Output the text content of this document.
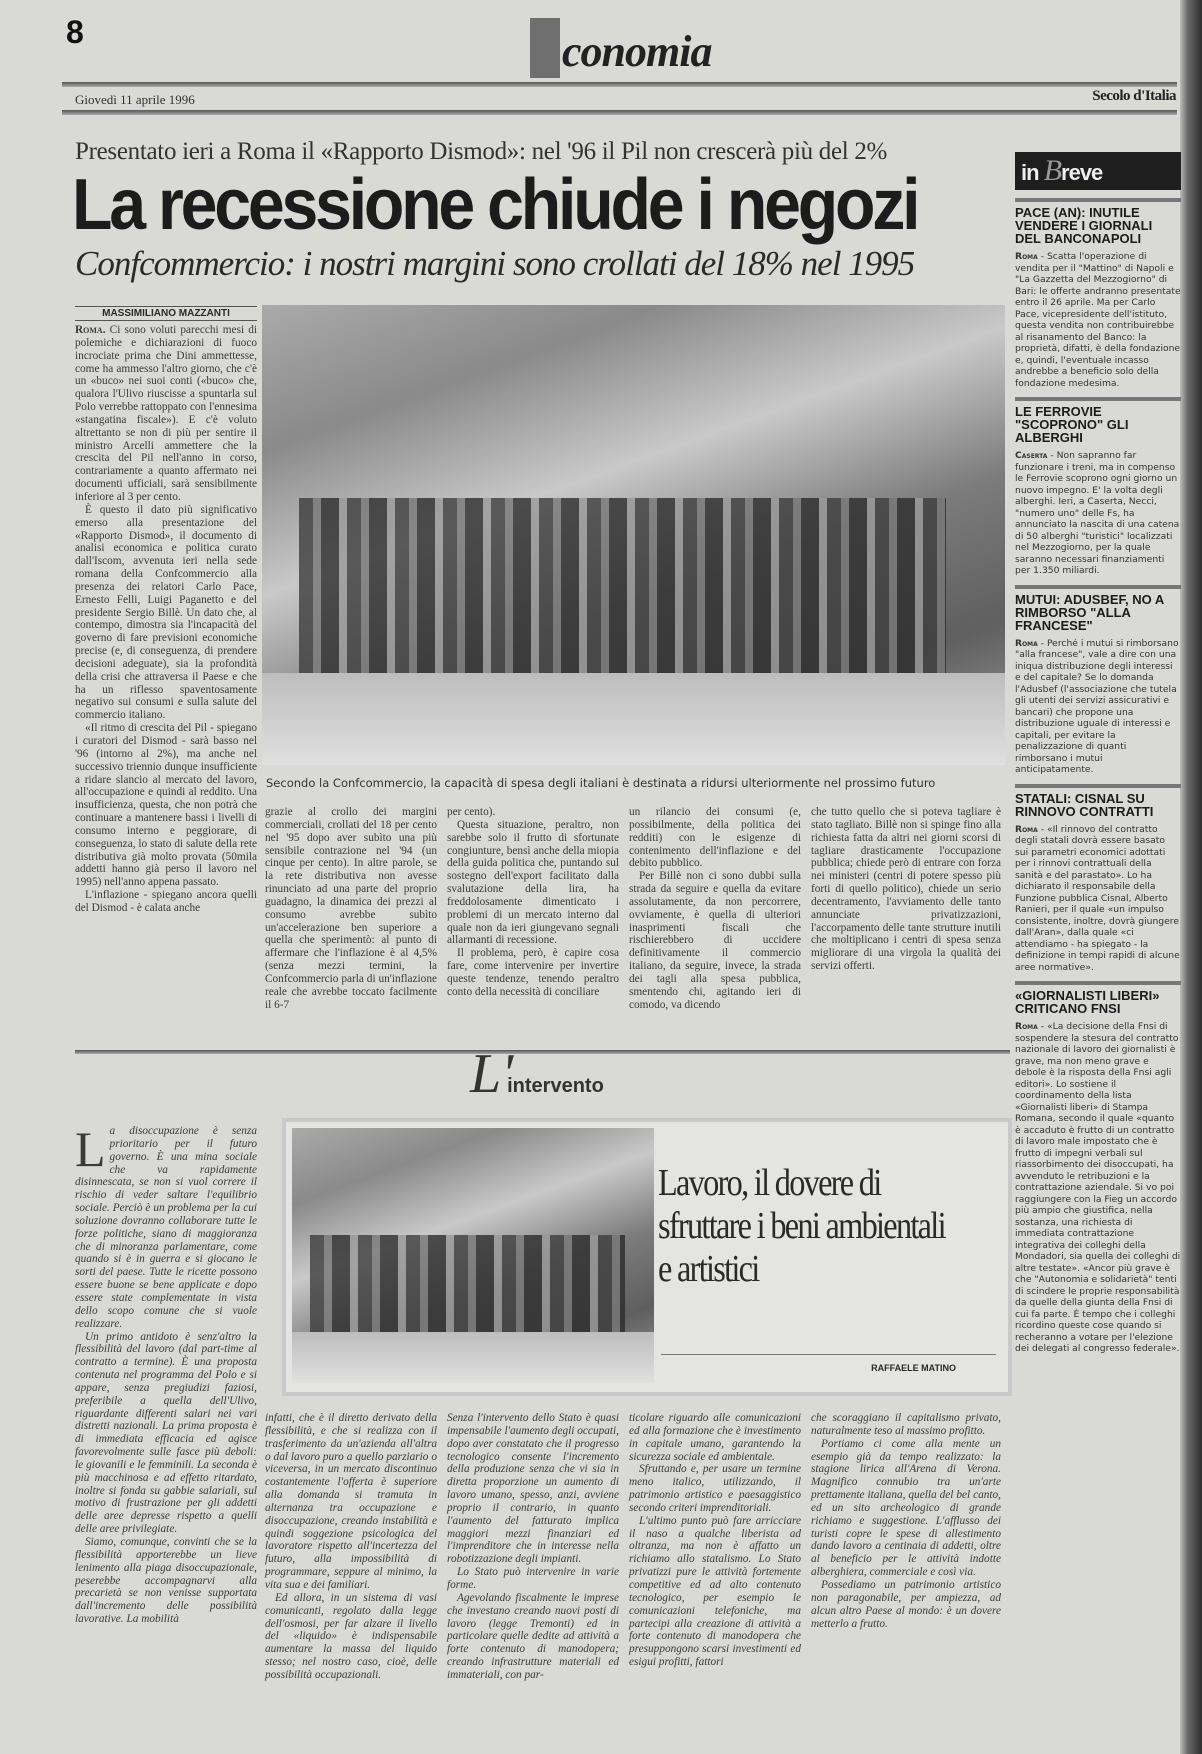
8	conomia
Giovedì 11 aprile 1996	Secolo d'Italia
Presentato ieri a Roma il «Rapporto Dismod»: nel '96 il Pil non crescerà più del 2%
La recessione chiude i negozi
Confcommercio: i nostri margini sono crollati del 18% nel 1995
MASSIMILIANO MAZZANTI

Roma. Ci sono voluti parecchi mesi di polemiche e dichiarazioni di fuoco incrociate prima che Dini ammettesse, come ha ammesso l'altro giorno, che c'è un «buco» nei suoi conti («buco» che, qualora l'Ulivo riuscisse a spuntarla sul Polo verrebbe rattoppato con l'ennesima «stangatina fiscale»). E c'è voluto altrettanto se non di più per sentire il ministro Arcelli ammettere che la crescita del Pil nell'anno in corso, contrariamente a quanto affermato nei documenti ufficiali, sarà sensibilmente inferiore al 3 per cento.

È questo il dato più significativo emerso alla presentazione del «Rapporto Dismod», il documento di analisi economica e politica curato dall'Iscom, avvenuta ieri nella sede romana della Confcommercio alla presenza dei relatori Carlo Pace, Ernesto Felli, Luigi Paganetto e del presidente Sergio Billè. Un dato che, al contempo, dimostra sia l'incapacità del governo di fare previsioni economiche precise (e, di conseguenza, di prendere decisioni adeguate), sia la profondità della crisi che attraversa il Paese e che ha un riflesso spaventosamente negativo sui consumi e sulla salute del commercio italiano.

«Il ritmo di crescita del Pil - spiegano i curatori del Dismod - sarà basso nel '96 (intorno al 2%), ma anche nel successivo triennio dunque insufficiente a ridare slancio al mercato del lavoro, all'occupazione e quindi al reddito. Una insufficienza, questa, che non potrà che continuare a mantenere bassi i livelli di consumo interno e peggiorare, di conseguenza, lo stato di salute della rete distributiva già molto provata (50mila addetti hanno già perso il lavoro nel 1995) nell'anno appena passato.

L'inflazione - spiegano ancora quelli del Dismod - è calata anche

Secondo la Confcommercio, la capacità di spesa degli italiani è destinata a ridursi ulteriormente nel prossimo futuro

grazie al crollo dei margini commerciali, crollati del 18 per cento nel '95 dopo aver subìto una più sensibile contrazione nel '94 (un cinque per cento). In altre parole, se la rete distributiva non avesse rinunciato ad una parte del proprio guadagno, la dinamica dei prezzi al consumo avrebbe subìto un'accelerazione ben superiore a quella che sperimentò: al punto di affermare che l'inflazione è al 4,5% (senza mezzi termini, la Confcommercio parla di un'inflazione reale che avrebbe toccato facilmente il 6-7

per cento).

Questa situazione, peraltro, non sarebbe solo il frutto di sfortunate congiunture, bensì anche della miopia della guida politica che, puntando sul sostegno dell'export facilitato dalla svalutazione della lira, ha freddolosamente dimenticato i problemi di un mercato interno dal quale non da ieri giungevano segnali allarmanti di recessione.

Il problema, però, è capire cosa fare, come intervenire per invertire queste tendenze, tenendo peraltro conto della necessità di conciliare

un rilancio dei consumi (e, possibilmente, della politica dei redditi) con le esigenze di contenimento dell'inflazione e del debito pubblico.

Per Billè non ci sono dubbi sulla strada da seguire e quella da evitare assolutamente, da non percorrere, ovviamente, è quella di ulteriori inasprimenti fiscali che rischierebbero di uccidere definitivamente il commercio italiano, da seguire, invece, la strada dei tagli alla spesa pubblica, smentendo chi, agitando ieri di comodo, va dicendo

che tutto quello che si poteva tagliare è stato tagliato. Billè non si spinge fino alla richiesta fatta da altri nei giorni scorsi di tagliare drasticamente l'occupazione pubblica; chiede però di entrare con forza nei ministeri (centri di potere spesso più forti di quello politico), chiede un serio decentramento, l'avviamento delle tanto annunciate privatizzazioni, l'accorpamento delle tante strutture inutili che moltiplicano i centri di spesa senza migliorare di una virgola la qualità dei servizi offerti.

L'intervento

La disoccupazione è senza prioritario per il futuro governo. È una mina sociale che va rapidamente disinnescata, se non si vuol correre il rischio di veder saltare l'equilibrio sociale. Perciò è un problema per la cui soluzione dovranno collaborare tutte le forze politiche, siano di maggioranza che di minoranza parlamentare, come quando si è in guerra e si giocano le sorti del paese. Tutte le ricette possono essere buone se bene applicate e dopo essere state complementate in vista dello scopo comune che si vuole realizzare.

Un primo antidoto è senz'altro la flessibilità del lavoro (dal part-time al contratto a termine). È una proposta contenuta nel programma del Polo e si appare, senza pregiudizi faziosi, preferibile a quella dell'Ulivo, riguardante differenti salari nei vari distretti nazionali. La prima proposta è di immediata efficacia ed agisce favorevolmente sulle fasce più deboli: le giovanili e le femminili. La seconda è più macchinosa e ad effetto ritardato, inoltre si fonda su gabbie salariali, sul motivo di frustrazione per gli addetti delle aree depresse rispetto a quelli delle aree privilegiate.

Siamo, comunque, convinti che se la flessibilità apporterebbe un lieve lenimento alla piaga disoccupazionale, peserebbe accompagnarvi alla precarietà se non venisse supportata dall'incremento delle possibilità lavorative. La mobilità

Lavoro, il dovere di sfruttare i beni ambientali e artistici
RAFFAELE MATINO

infatti, che è il diretto derivato della flessibilità, e che si realizza con il trasferimento da un'azienda all'altra o dal lavoro puro a quello parziario o viceversa, in un mercato discontinuo costantemente l'offerta è superiore alla domanda si tramuta in alternanza tra occupazione e disoccupazione, creando instabilità e quindi soggezione psicologica del lavoratore rispetto all'incertezza del futuro, alla impossibilità di programmare, seppure al minimo, la vita sua e dei familiari.

Ed allora, in un sistema di vasi comunicanti, regolato dalla legge dell'osmosi, per far alzare il livello del «liquido» è indispensabile aumentare la massa del liquido stesso; nel nostro caso, cioè, delle possibilità occupazionali.

Senza l'intervento dello Stato è quasi impensabile l'aumento degli occupati, dopo aver constatato che il progresso tecnologico consente l'incremento della produzione senza che vi sia in diretta proporzione un aumento di lavoro umano, spesso, anzi, avviene proprio il contrario, in quanto l'aumento del fatturato implica maggiori mezzi finanziari ed l'imprenditore che in interesse nella robotizzazione degli impianti.

Lo Stato può intervenire in varie forme.

Agevolando fiscalmente le imprese che investano creando nuovi posti di lavoro (legge Tremonti) ed in particolare quelle dedite ad attività a forte contenuto di manodopera; creando infrastrutture materiali ed immateriali, con par-

ticolare riguardo alle comunicazioni ed alla formazione che è investimento in capitale umano, garantendo la sicurezza sociale ed ambientale.

Sfruttando e, per usare un termine meno italico, utilizzando, il patrimonio artistico e paesaggistico secondo criteri imprenditoriali.

L'ultimo punto può fare arricciare il naso a qualche liberista ad oltranza, ma non è affatto un richiamo allo statalismo. Lo Stato privatizzi pure le attività fortemente competitive ed ad alto contenuto tecnologico, per esempio le comunicazioni telefoniche, ma partecipi alla creazione di attività a forte contenuto di manodopera che presuppongono scarsi investimenti ed esigui profitti, fattori

che scoraggiano il capitalismo privato, naturalmente teso al massimo profitto.

Portiamo ci come alla mente un esempio già da tempo realizzato: la stagione lirica all'Arena di Verona. Magnifico connubio tra un'arte prettamente italiana, quella del bel canto, ed un sito archeologico di grande richiamo e suggestione. L'afflusso dei turisti copre le spese di allestimento dando lavoro a centinaia di addetti, oltre al beneficio per le attività indotte alberghiera, commerciale e così via.

Possediamo un patrimonio artistico non paragonabile, per ampiezza, ad alcun altro Paese al mondo: è un dovere metterlo a frutto.

in Breve
PACE (AN): INUTILE VENDERE I GIORNALI DEL BANCONAPOLI
Roma - Scatta l'operazione di vendita per il "Mattino" di Napoli e "La Gazzetta del Mezzogiorno" di Bari: le offerte andranno presentate entro il 26 aprile. Ma per Carlo Pace, vicepresidente dell'istituto, questa vendita non contribuirebbe al risanamento del Banco: la proprietà, difatti, è della fondazione e, quindi, l'eventuale incasso andrebbe a beneficio solo della fondazione medesima.
LE FERROVIE "SCOPRONO" GLI ALBERGHI
Caserta - Non sapranno far funzionare i treni, ma in compenso le Ferrovie scoprono ogni giorno un nuovo impegno. E' la volta degli alberghi. Ieri, a Caserta, Necci, "numero uno" delle Fs, ha annunciato la nascita di una catena di 50 alberghi "turistici" localizzati nel Mezzogiorno, per la quale saranno necessari finanziamenti per 1.350 miliardi.
MUTUI: ADUSBEF, NO A RIMBORSO "ALLA FRANCESE"
Roma - Perché i mutui si rimborsano "alla francese", vale a dire con una iniqua distribuzione degli interessi e del capitale? Se lo domanda l'Adusbef (l'associazione che tutela gli utenti dei servizi assicurativi e bancari) che propone una distribuzione uguale di interessi e capitali, per evitare la penalizzazione di quanti rimborsano i mutui anticipatamente.
STATALI: CISNAL SU RINNOVO CONTRATTI
Roma - «Il rinnovo del contratto degli statali dovrà essere basato sui parametri economici adottati per i rinnovi contrattuali della sanità e del parastato». Lo ha dichiarato il responsabile della Funzione pubblica Cisnal, Alberto Ranieri, per il quale «un impulso consistente, inoltre, dovrà giungere dall'Aran», dalla quale «ci attendiamo - ha spiegato - la definizione in tempi rapidi di alcune aree normative».
«GIORNALISTI LIBERI» CRITICANO FNSI
Roma - «La decisione della Fnsi di sospendere la stesura del contratto nazionale di lavoro dei giornalisti è grave, ma non meno grave e debole è la risposta della Fnsi agli editori». Lo sostiene il coordinamento della lista «Giornalisti liberi» di Stampa Romana, secondo il quale «quanto è accaduto è frutto di un contratto di lavoro male impostato che è frutto di impegni verbali sul riassorbimento dei disoccupati, ha avvenduto le retribuzioni e la contrattazione aziendale. Si vo poi raggiungere con la Fieg un accordo più ampio che giustifica, nella sostanza, una richiesta di immediata contrattazione integrativa dei colleghi della Mondadori, sia quella dei colleghi di altre testate». «Ancor più grave è che "Autonomia e solidarietà" tenti di scindere le proprie responsabilità da quelle della giunta della Fnsi di cui fa parte. È tempo che i colleghi ricordino queste cose quando si recheranno a votare per l'elezione dei delegati al congresso federale».
